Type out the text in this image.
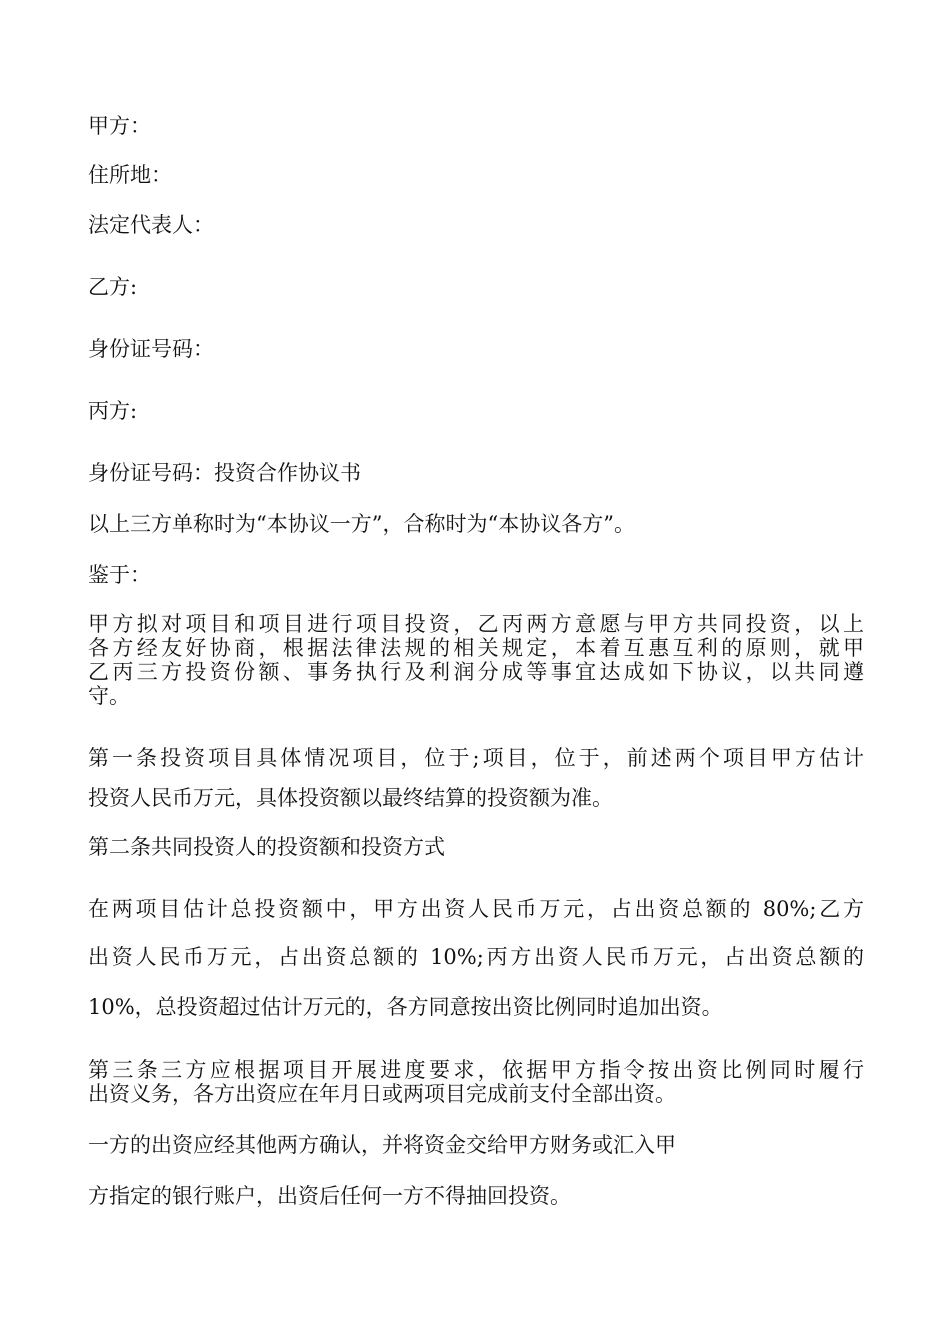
甲方：
住所地：
法定代表人：
乙方:
身份证号码：
丙方:
身份证号码：投资合作协议书
以上三方单称时为“本协议一方”，合称时为“本协议各方”。
鉴于：
甲方拟对项目和项目进行项目投资，乙丙两方意愿与甲方共同投资，以上
各方经友好协商，根据法律法规的相关规定，本着互惠互利的原则，就甲
乙丙三方投资份额、事务执行及利润分成等事宜达成如下协议，以共同遵
守。
第一条投资项目具体情况项目，位于;项目，位于，前述两个项目甲方估计
投资人民币万元，具体投资额以最终结算的投资额为准。
第二条共同投资人的投资额和投资方式
在两项目估计总投资额中，甲方出资人民币万元，占出资总额的 80%;乙方
出资人民币万元，占出资总额的 10%;丙方出资人民币万元，占出资总额的
10%，总投资超过估计万元的，各方同意按出资比例同时追加出资。
第三条三方应根据项目开展进度要求，依据甲方指令按出资比例同时履行
出资义务，各方出资应在年月日或两项目完成前支付全部出资。
一方的出资应经其他两方确认，并将资金交给甲方财务或汇入甲
方指定的银行账户，出资后任何一方不得抽回投资。
